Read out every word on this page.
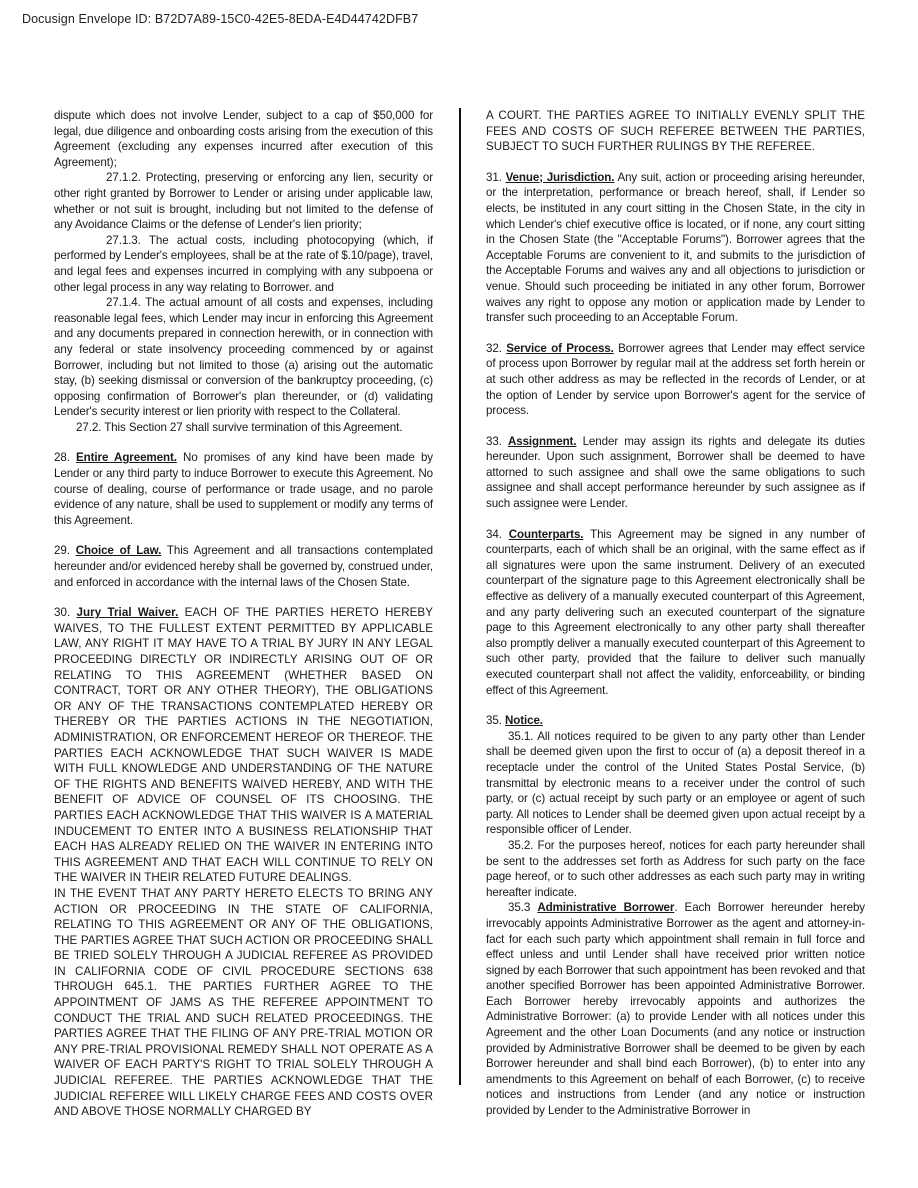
Docusign Envelope ID: B72D7A89-15C0-42E5-8EDA-E4D44742DFB7

dispute which does not involve Lender, subject to a cap of $50,000 for legal, due diligence and onboarding costs arising from the execution of this Agreement (excluding any expenses incurred after execution of this Agreement);

27.1.2. Protecting, preserving or enforcing any lien, security or other right granted by Borrower to Lender or arising under applicable law, whether or not suit is brought, including but not limited to the defense of any Avoidance Claims or the defense of Lender's lien priority;

27.1.3. The actual costs, including photocopying (which, if performed by Lender's employees, shall be at the rate of $.10/page), travel, and legal fees and expenses incurred in complying with any subpoena or other legal process in any way relating to Borrower. and

27.1.4. The actual amount of all costs and expenses, including reasonable legal fees, which Lender may incur in enforcing this Agreement and any documents prepared in connection herewith, or in connection with any federal or state insolvency proceeding commenced by or against Borrower, including but not limited to those (a) arising out the automatic stay, (b) seeking dismissal or conversion of the bankruptcy proceeding, (c) opposing confirmation of Borrower's plan thereunder, or (d) validating Lender's security interest or lien priority with respect to the Collateral.

27.2. This Section 27 shall survive termination of this Agreement.

28. Entire Agreement. No promises of any kind have been made by Lender or any third party to induce Borrower to execute this Agreement. No course of dealing, course of performance or trade usage, and no parole evidence of any nature, shall be used to supplement or modify any terms of this Agreement.

29. Choice of Law. This Agreement and all transactions contemplated hereunder and/or evidenced hereby shall be governed by, construed under, and enforced in accordance with the internal laws of the Chosen State.

30. Jury Trial Waiver. EACH OF THE PARTIES HERETO HEREBY WAIVES, TO THE FULLEST EXTENT PERMITTED BY APPLICABLE LAW, ANY RIGHT IT MAY HAVE TO A TRIAL BY JURY IN ANY LEGAL PROCEEDING DIRECTLY OR INDIRECTLY ARISING OUT OF OR RELATING TO THIS AGREEMENT (WHETHER BASED ON CONTRACT, TORT OR ANY OTHER THEORY), THE OBLIGATIONS OR ANY OF THE TRANSACTIONS CONTEMPLATED HEREBY OR THEREBY OR THE PARTIES ACTIONS IN THE NEGOTIATION, ADMINISTRATION, OR ENFORCEMENT HEREOF OR THEREOF. THE PARTIES EACH ACKNOWLEDGE THAT SUCH WAIVER IS MADE WITH FULL KNOWLEDGE AND UNDERSTANDING OF THE NATURE OF THE RIGHTS AND BENEFITS WAIVED HEREBY, AND WITH THE BENEFIT OF ADVICE OF COUNSEL OF ITS CHOOSING. THE PARTIES EACH ACKNOWLEDGE THAT THIS WAIVER IS A MATERIAL INDUCEMENT TO ENTER INTO A BUSINESS RELATIONSHIP THAT EACH HAS ALREADY RELIED ON THE WAIVER IN ENTERING INTO THIS AGREEMENT AND THAT EACH WILL CONTINUE TO RELY ON THE WAIVER IN THEIR RELATED FUTURE DEALINGS.

IN THE EVENT THAT ANY PARTY HERETO ELECTS TO BRING ANY ACTION OR PROCEEDING IN THE STATE OF CALIFORNIA, RELATING TO THIS AGREEMENT OR ANY OF THE OBLIGATIONS, THE PARTIES AGREE THAT SUCH ACTION OR PROCEEDING SHALL BE TRIED SOLELY THROUGH A JUDICIAL REFEREE AS PROVIDED IN CALIFORNIA CODE OF CIVIL PROCEDURE SECTIONS 638 THROUGH 645.1. THE PARTIES FURTHER AGREE TO THE APPOINTMENT OF JAMS AS THE REFEREE APPOINTMENT TO CONDUCT THE TRIAL AND SUCH RELATED PROCEEDINGS. THE PARTIES AGREE THAT THE FILING OF ANY PRE-TRIAL MOTION OR ANY PRE-TRIAL PROVISIONAL REMEDY SHALL NOT OPERATE AS A WAIVER OF EACH PARTY'S RIGHT TO TRIAL SOLELY THROUGH A JUDICIAL REFEREE. THE PARTIES ACKNOWLEDGE THAT THE JUDICIAL REFEREE WILL LIKELY CHARGE FEES AND COSTS OVER AND ABOVE THOSE NORMALLY CHARGED BY

A COURT. THE PARTIES AGREE TO INITIALLY EVENLY SPLIT THE FEES AND COSTS OF SUCH REFEREE BETWEEN THE PARTIES, SUBJECT TO SUCH FURTHER RULINGS BY THE REFEREE.

31. Venue; Jurisdiction. Any suit, action or proceeding arising hereunder, or the interpretation, performance or breach hereof, shall, if Lender so elects, be instituted in any court sitting in the Chosen State, in the city in which Lender's chief executive office is located, or if none, any court sitting in the Chosen State (the "Acceptable Forums"). Borrower agrees that the Acceptable Forums are convenient to it, and submits to the jurisdiction of the Acceptable Forums and waives any and all objections to jurisdiction or venue. Should such proceeding be initiated in any other forum, Borrower waives any right to oppose any motion or application made by Lender to transfer such proceeding to an Acceptable Forum.

32. Service of Process. Borrower agrees that Lender may effect service of process upon Borrower by regular mail at the address set forth herein or at such other address as may be reflected in the records of Lender, or at the option of Lender by service upon Borrower's agent for the service of process.

33. Assignment. Lender may assign its rights and delegate its duties hereunder. Upon such assignment, Borrower shall be deemed to have attorned to such assignee and shall owe the same obligations to such assignee and shall accept performance hereunder by such assignee as if such assignee were Lender.

34. Counterparts. This Agreement may be signed in any number of counterparts, each of which shall be an original, with the same effect as if all signatures were upon the same instrument. Delivery of an executed counterpart of the signature page to this Agreement electronically shall be effective as delivery of a manually executed counterpart of this Agreement, and any party delivering such an executed counterpart of the signature page to this Agreement electronically to any other party shall thereafter also promptly deliver a manually executed counterpart of this Agreement to such other party, provided that the failure to deliver such manually executed counterpart shall not affect the validity, enforceability, or binding effect of this Agreement.

35. Notice.

35.1. All notices required to be given to any party other than Lender shall be deemed given upon the first to occur of (a) a deposit thereof in a receptacle under the control of the United States Postal Service, (b) transmittal by electronic means to a receiver under the control of such party, or (c) actual receipt by such party or an employee or agent of such party. All notices to Lender shall be deemed given upon actual receipt by a responsible officer of Lender.

35.2. For the purposes hereof, notices for each party hereunder shall be sent to the addresses set forth as Address for such party on the face page hereof, or to such other addresses as each such party may in writing hereafter indicate.

35.3 Administrative Borrower. Each Borrower hereunder hereby irrevocably appoints Administrative Borrower as the agent and attorney-in-fact for each such party which appointment shall remain in full force and effect unless and until Lender shall have received prior written notice signed by each Borrower that such appointment has been revoked and that another specified Borrower has been appointed Administrative Borrower. Each Borrower hereby irrevocably appoints and authorizes the Administrative Borrower: (a) to provide Lender with all notices under this Agreement and the other Loan Documents (and any notice or instruction provided by Administrative Borrower shall be deemed to be given by each Borrower hereunder and shall bind each Borrower), (b) to enter into any amendments to this Agreement on behalf of each Borrower, (c) to receive notices and instructions from Lender (and any notice or instruction provided by Lender to the Administrative Borrower in
